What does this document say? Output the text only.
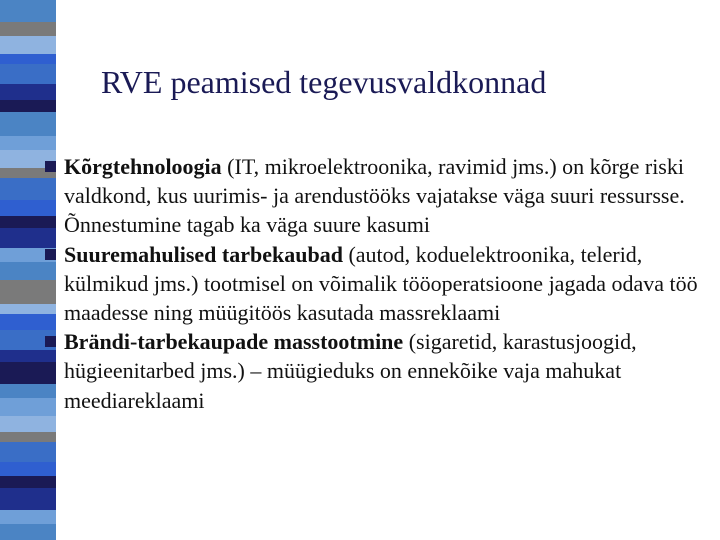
RVE peamised tegevusvaldkonnad
Kõrgtehnoloogia (IT, mikroelektroonika, ravimid jms.) on kõrge riski valdkond, kus uurimis- ja arendustööks vajatakse väga suuri ressursse. Õnnestumine tagab ka väga suure kasumi
Suuremahulised tarbekaubad (autod, koduelektroonika, telerid, külmikud jms.) tootmisel on võimalik tööoperatsioone jagada odava töö maadesse ning müügitöös kasutada massreklaami
Brändi-tarbekaupade masstootmine (sigaretid, karastusjoogid, hügieenitarbed jms.) – müügieduks on ennekõike vaja mahukat meediareklaami
